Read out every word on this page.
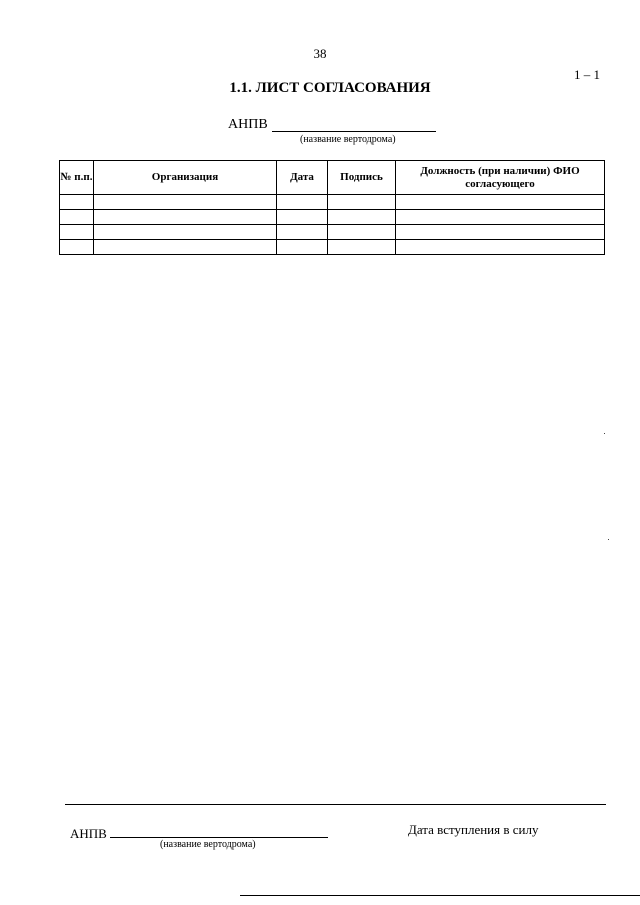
38
1 – 1
1.1. ЛИСТ СОГЛАСОВАНИЯ
АНПВ
(название вертодрома)
№ п.п.	Организация	Дата	Подпись	Должность (при наличии) ФИО согласующего

АНПВ
(название вертодрома)
Дата вступления в силу
